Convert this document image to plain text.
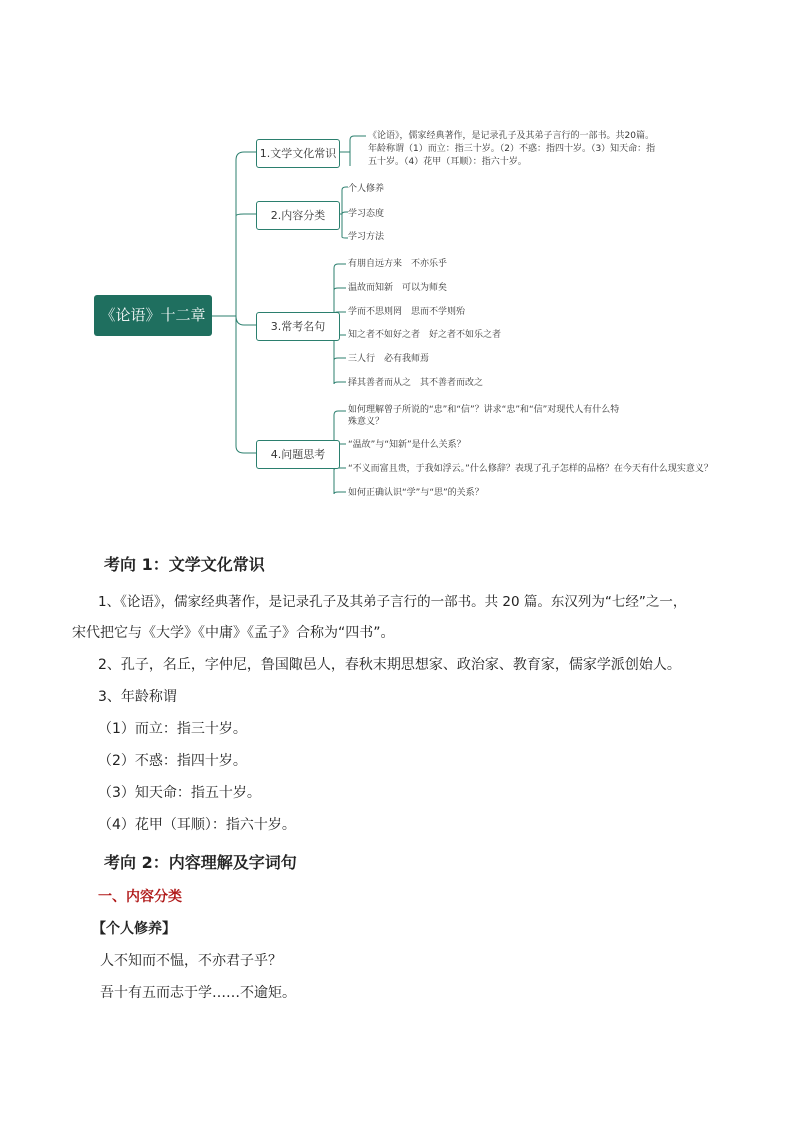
《论语》十二章
1.文学文化常识
2.内容分类
3.常考名句
4.问题思考
《论语》，儒家经典著作，是记录孔子及其弟子言行的一部书。共20篇。年龄称谓（1）而立：指三十岁。（2）不惑：指四十岁。（3）知天命：指五十岁。（4）花甲（耳顺）：指六十岁。
个人修养
学习态度
学习方法
有朋自远方来　不亦乐乎
温故而知新　可以为师矣
学而不思则罔　思而不学则殆
知之者不如好之者　好之者不如乐之者
三人行　必有我师焉
择其善者而从之　其不善者而改之
如何理解曾子所说的“忠”和“信”？讲求“忠”和“信”对现代人有什么特殊意义？
“温故”与“知新”是什么关系？
“不义而富且贵，于我如浮云。”什么修辞？表现了孔子怎样的品格？在今天有什么现实意义？
如何正确认识“学”与“思”的关系？
考向 1：文学文化常识
1、《论语》，儒家经典著作，是记录孔子及其弟子言行的一部书。共 20 篇。东汉列为“七经”之一，
宋代把它与《大学》《中庸》《孟子》合称为“四书”。
2、孔子，名丘，字仲尼，鲁国陬邑人，春秋末期思想家、政治家、教育家，儒家学派创始人。
3、年龄称谓
（1）而立：指三十岁。
（2）不惑：指四十岁。
（3）知天命：指五十岁。
（4）花甲（耳顺）：指六十岁。
考向 2：内容理解及字词句
一、内容分类
【个人修养】
人不知而不愠，不亦君子乎？
吾十有五而志于学……不逾矩。
